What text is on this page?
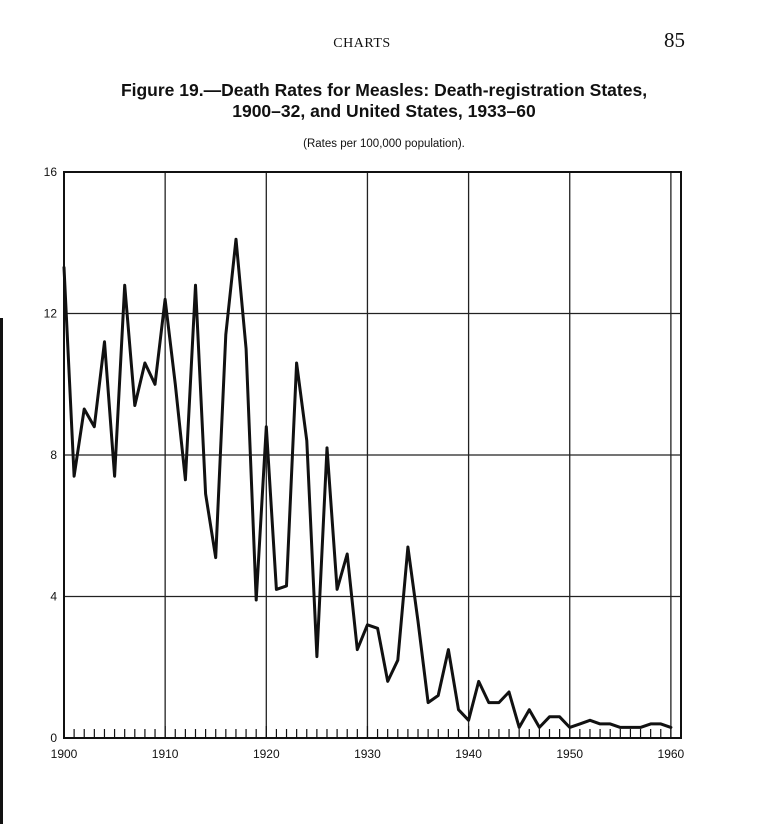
CHARTS	85
Figure 19.—Death Rates for Measles: Death-registration States,
1900–32, and United States, 1933–60
(Rates per 100,000 population).
0
4
8
12
16
1900	1910	1920	1930	1940	1950	1960
